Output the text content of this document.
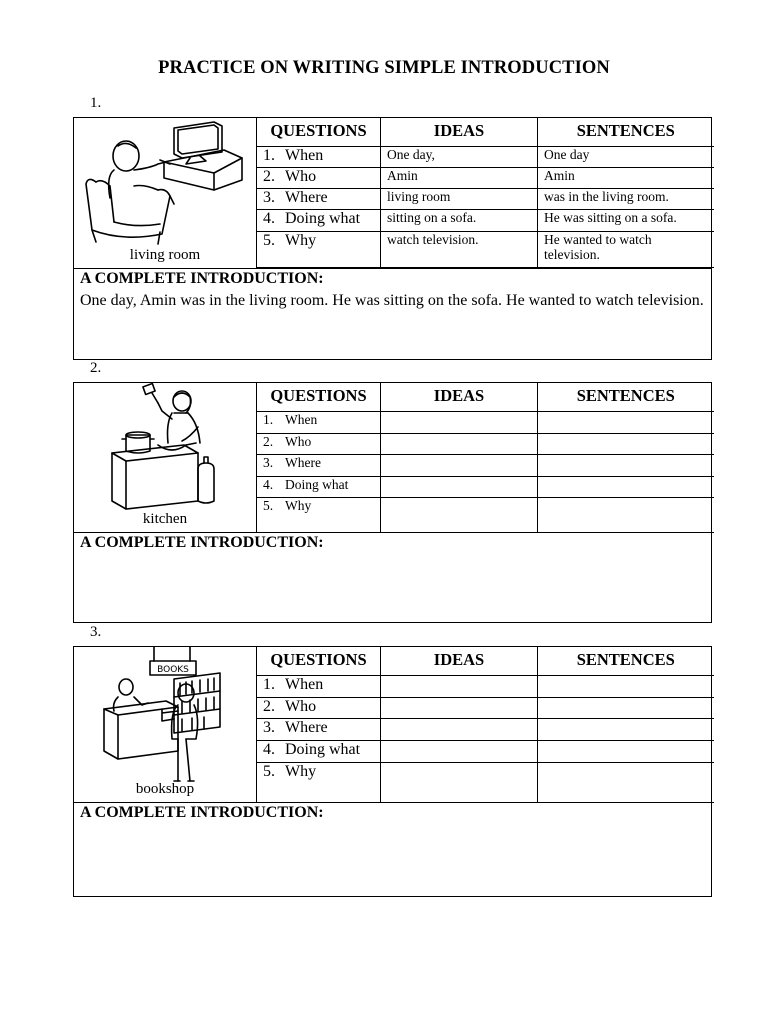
PRACTICE ON WRITING SIMPLE INTRODUCTION
1.
living room
QUESTIONS	IDEAS	SENTENCES
1. When	One day,	One day
2. Who	Amin	Amin
3. Where	living room	was in the living room.
4. Doing what	sitting on a sofa.	He was sitting on a sofa.
5. Why	watch television.	He wanted to watch television.
A COMPLETE INTRODUCTION:
One day, Amin was in the living room. He was sitting on the sofa. He wanted to watch television.
2.
kitchen
QUESTIONS	IDEAS	SENTENCES
1. When		
2. Who		
3. Where		
4. Doing what		
5. Why		
A COMPLETE INTRODUCTION:
3.
BOOKS
bookshop
QUESTIONS	IDEAS	SENTENCES
1. When		
2. Who		
3. Where		
4. Doing what		
5. Why		
A COMPLETE INTRODUCTION:
